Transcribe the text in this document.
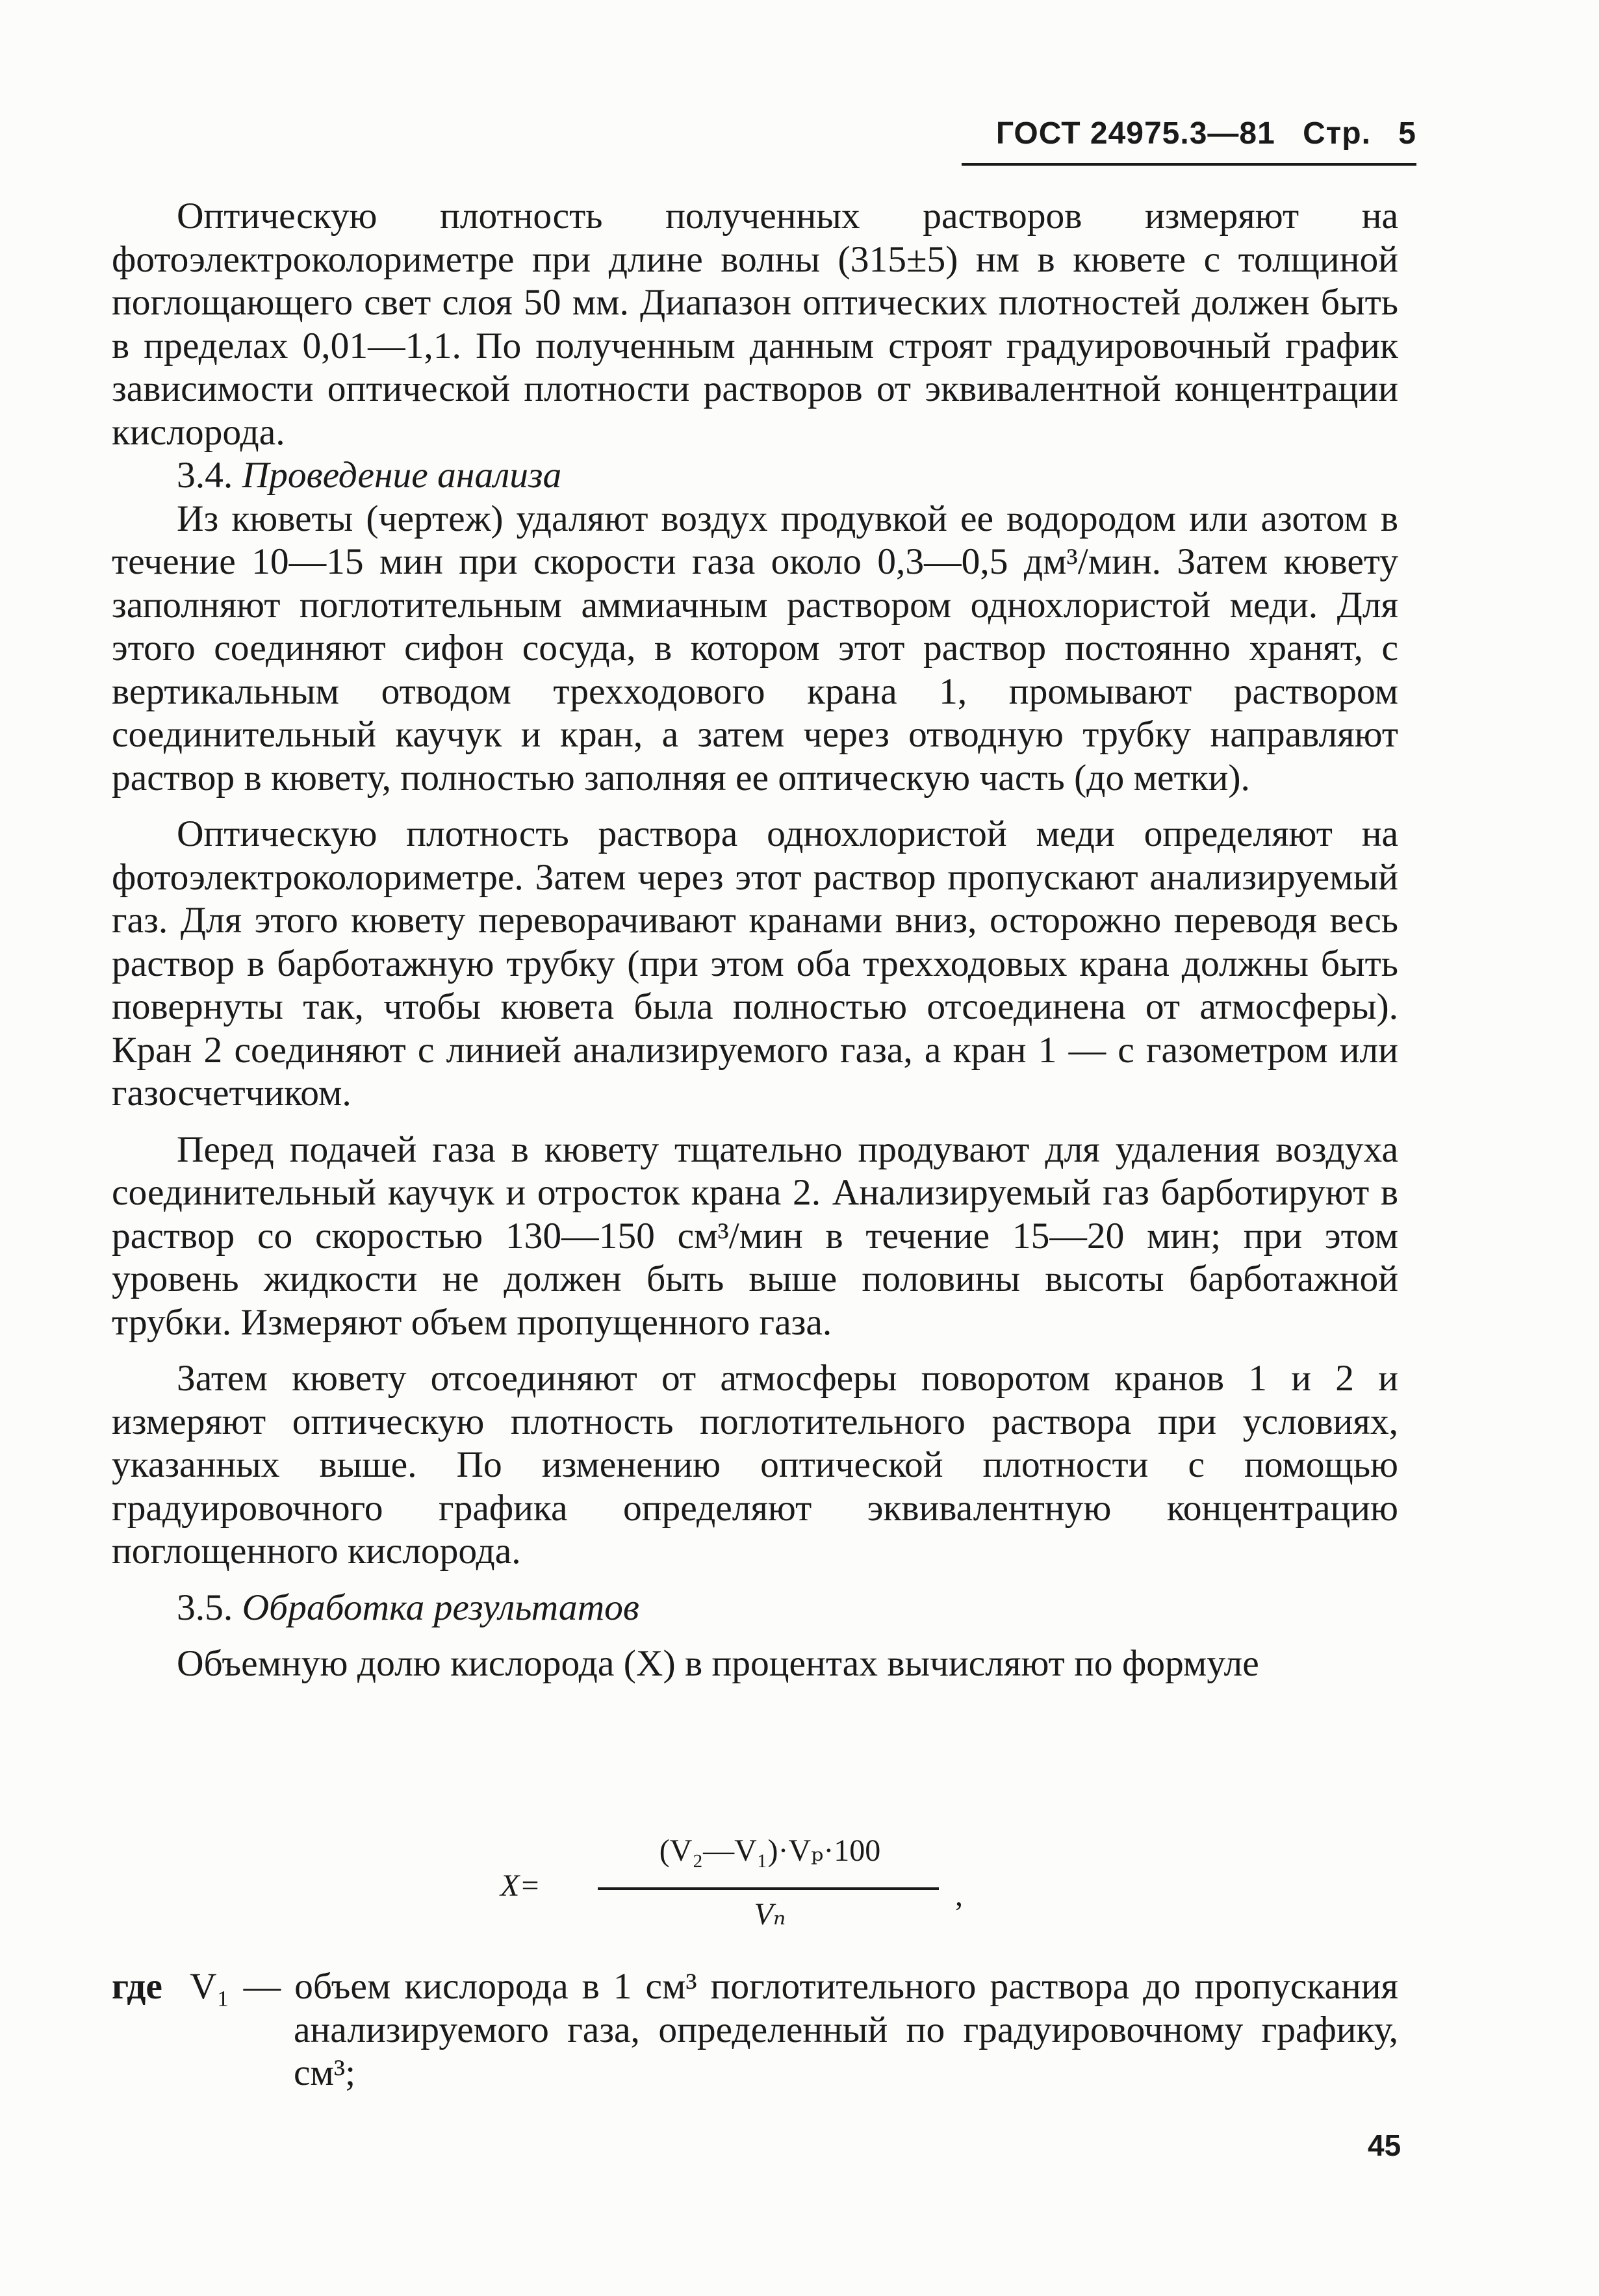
ГОСТ 24975.3—81 Стр. 5

Оптическую плотность полученных растворов измеряют на фотоэлектроколориметре при длине волны (315±5) нм в кювете с толщиной поглощающего свет слоя 50 мм. Диапазон оптических плотностей должен быть в пределах 0,01—1,1. По полученным данным строят градуировочный график зависимости оптической плотности растворов от эквивалентной концентрации кислорода.

3.4. Проведение анализа

Из кюветы (чертеж) удаляют воздух продувкой ее водородом или азотом в течение 10—15 мин при скорости газа около 0,3—0,5 дм³/мин. Затем кювету заполняют поглотительным аммиачным раствором однохлористой меди. Для этого соединяют сифон сосуда, в котором этот раствор постоянно хранят, с вертикальным отводом трехходового крана 1, промывают раствором соединительный каучук и кран, а затем через отводную трубку направляют раствор в кювету, полностью заполняя ее оптическую часть (до метки).

Оптическую плотность раствора однохлористой меди определяют на фотоэлектроколориметре. Затем через этот раствор пропускают анализируемый газ. Для этого кювету переворачивают кранами вниз, осторожно переводя весь раствор в барботажную трубку (при этом оба трехходовых крана должны быть повернуты так, чтобы кювета была полностью отсоединена от атмосферы). Кран 2 соединяют с линией анализируемого газа, а кран 1 — с газометром или газосчетчиком.

Перед подачей газа в кювету тщательно продувают для удаления воздуха соединительный каучук и отросток крана 2. Анализируемый газ барботируют в раствор со скоростью 130—150 см³/мин в течение 15—20 мин; при этом уровень жидкости не должен быть выше половины высоты барботажной трубки. Измеряют объем пропущенного газа.

Затем кювету отсоединяют от атмосферы поворотом кранов 1 и 2 и измеряют оптическую плотность поглотительного раствора при условиях, указанных выше. По изменению оптической плотности с помощью градуировочного графика определяют эквивалентную концентрацию поглощенного кислорода.

3.5. Обработка результатов

Объемную долю кислорода (X) в процентах вычисляют по формуле

X=
(V₂—V₁)·Vₚ·100
Vₙ
,
где V₁ — объем кислорода в 1 см³ поглотительного раствора до пропускания анализируемого газа, определенный по градуировочному графику, см³;
45
